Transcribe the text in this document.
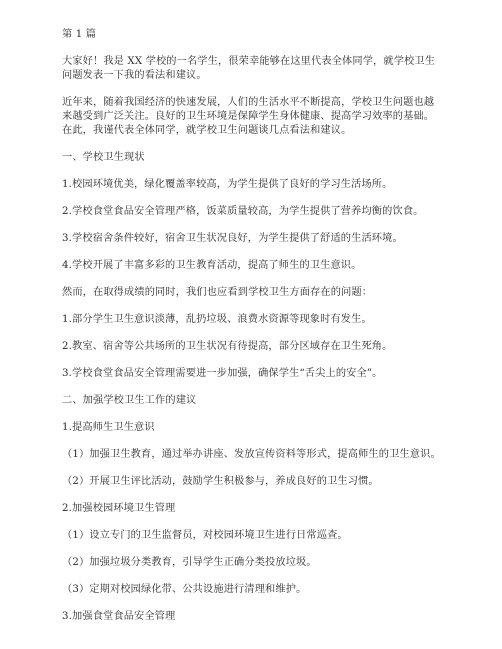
第 1 篇
大家好！我是 XX 学校的一名学生，很荣幸能够在这里代表全体同学，就学校卫生
问题发表一下我的看法和建议。
近年来，随着我国经济的快速发展，人们的生活水平不断提高，学校卫生问题也越
来越受到广泛关注。良好的卫生环境是保障学生身体健康、提高学习效率的基础。
在此，我谨代表全体同学，就学校卫生问题谈几点看法和建议。
一、学校卫生现状
1.校园环境优美，绿化覆盖率较高，为学生提供了良好的学习生活场所。
2.学校食堂食品安全管理严格，饭菜质量较高，为学生提供了营养均衡的饮食。
3.学校宿舍条件较好，宿舍卫生状况良好，为学生提供了舒适的生活环境。
4.学校开展了丰富多彩的卫生教育活动，提高了师生的卫生意识。
然而，在取得成绩的同时，我们也应看到学校卫生方面存在的问题：
1.部分学生卫生意识淡薄，乱扔垃圾、浪费水资源等现象时有发生。
2.教室、宿舍等公共场所的卫生状况有待提高，部分区域存在卫生死角。
3.学校食堂食品安全管理需要进一步加强，确保学生“舌尖上的安全”。
二、加强学校卫生工作的建议
1.提高师生卫生意识
（1）加强卫生教育，通过举办讲座、发放宣传资料等形式，提高师生的卫生意识。
（2）开展卫生评比活动，鼓励学生积极参与，养成良好的卫生习惯。
2.加强校园环境卫生管理
（1）设立专门的卫生监督员，对校园环境卫生进行日常巡查。
（2）加强垃圾分类教育，引导学生正确分类投放垃圾。
（3）定期对校园绿化带、公共设施进行清理和维护。
3.加强食堂食品安全管理
